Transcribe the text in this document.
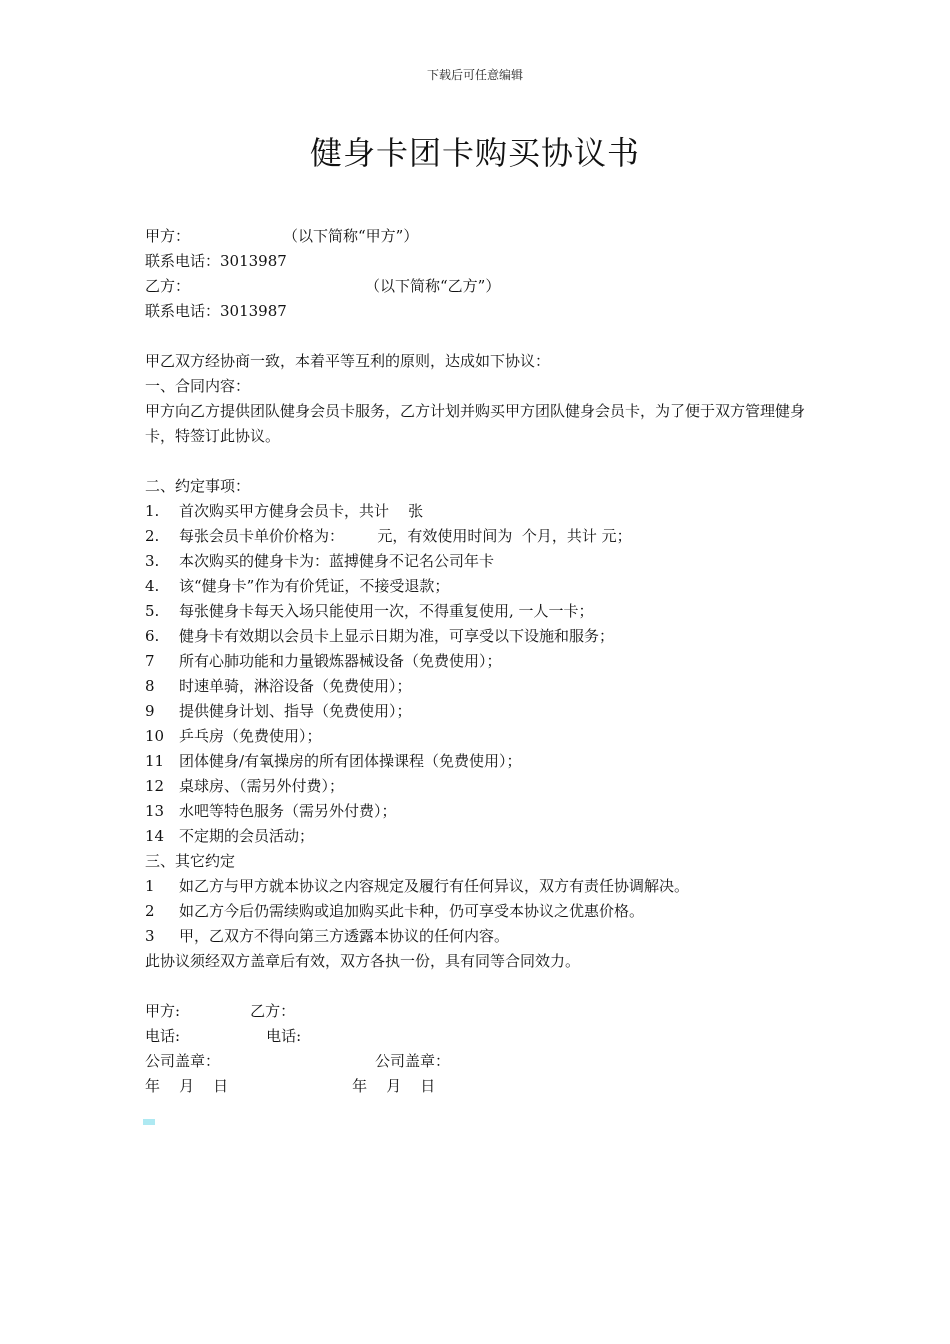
下载后可任意编辑
健身卡团卡购买协议书
甲方：	（以下简称“甲方”）
联系电话：3013987
乙方：	（以下简称“乙方”）
联系电话：3013987
甲乙双方经协商一致，本着平等互利的原则，达成如下协议：
一、合同内容：
甲方向乙方提供团队健身会员卡服务，乙方计划并购买甲方团队健身会员卡，为了便于双方管理健身卡，特签订此协议。
二、约定事项：
1. 首次购买甲方健身会员卡，共计    张
2. 每张会员卡单价价格为：       元，有效使用时间为  个月，共计 元；
3. 本次购买的健身卡为：蓝搏健身不记名公司年卡
4. 该“健身卡”作为有价凭证，不接受退款；
5. 每张健身卡每天入场只能使用一次，不得重复使用, 一人一卡；
6. 健身卡有效期以会员卡上显示日期为准，可享受以下设施和服务；
7 所有心肺功能和力量锻炼器械设备（免费使用）；
8 时速单骑，淋浴设备（免费使用）；
9 提供健身计划、指导（免费使用）；
10 乒乓房（免费使用）；
11 团体健身/有氧操房的所有团体操课程（免费使用）；
12 桌球房、（需另外付费）；
13 水吧等特色服务（需另外付费）；
14 不定期的会员活动；
三、其它约定
1 如乙方与甲方就本协议之内容规定及履行有任何异议，双方有责任协调解决。
2 如乙方今后仍需续购或追加购买此卡种，仍可享受本协议之优惠价格。
3 甲，乙双方不得向第三方透露本协议的任何内容。
此协议须经双方盖章后有效，双方各执一份，具有同等合同效力。
甲方:	乙方：
电话:	电话:
公司盖章：	公司盖章：
年    月    日	年    月    日
